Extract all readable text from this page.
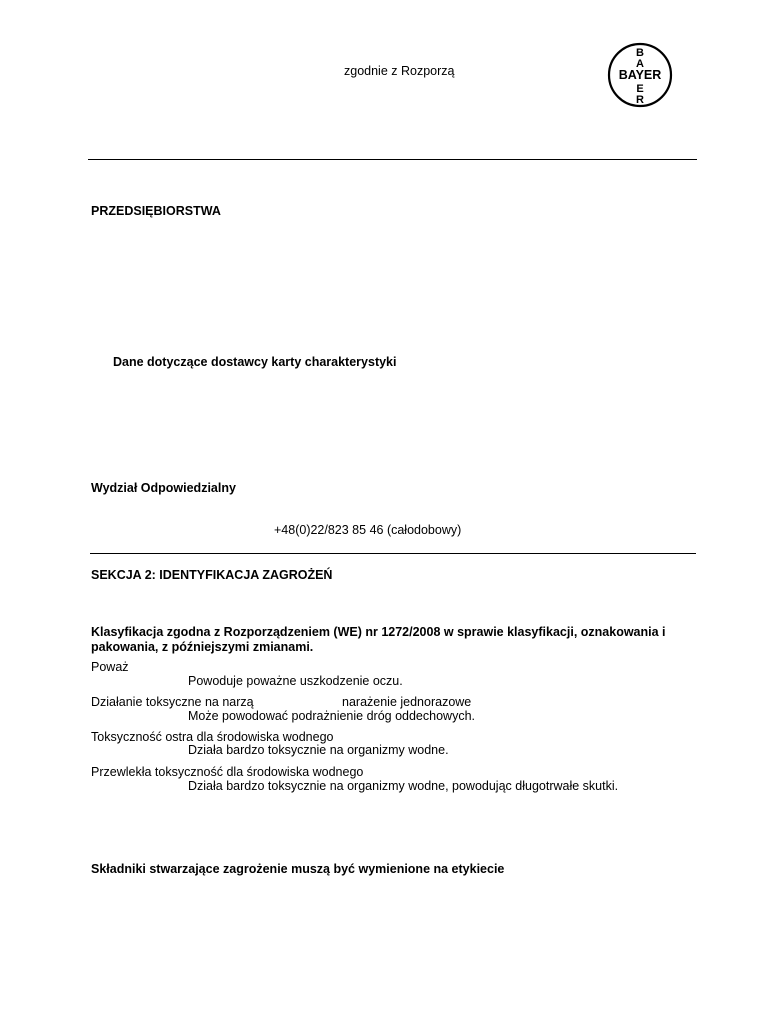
zgodnie z Rozporzą
B
A
E
R
BAYER
PRZEDSIĘBIORSTWA
Dane dotyczące dostawcy karty charakterystyki
Wydział Odpowiedzialny
+48(0)22/823 85 46 (całodobowy)
SEKCJA 2: IDENTYFIKACJA ZAGROŻEŃ
Klasyfikacja zgodna z Rozporządzeniem (WE) nr 1272/2008 w sprawie klasyfikacji, oznakowania i pakowania, z późniejszymi zmianami.
Poważ
Powoduje poważne uszkodzenie oczu.
Działanie toksyczne na narzą	narażenie jednorazowe
Może powodować podrażnienie dróg oddechowych.
Toksyczność ostra dla środowiska wodnego
Działa bardzo toksycznie na organizmy wodne.
Przewlekła toksyczność dla środowiska wodnego
Działa bardzo toksycznie na organizmy wodne, powodując długotrwałe skutki.
Składniki stwarzające zagrożenie muszą być wymienione na etykiecie
